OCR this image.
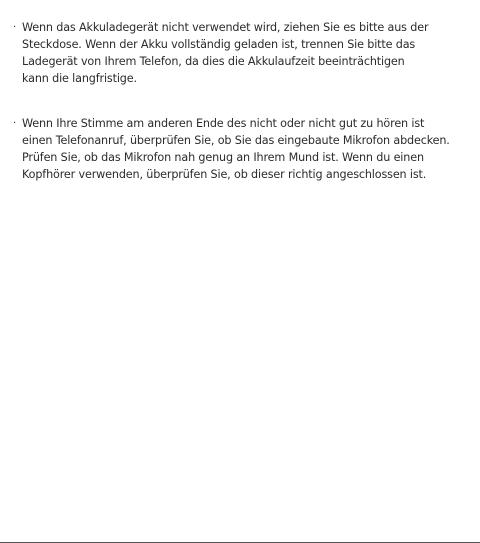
· Wenn das Akkuladegerät nicht verwendet wird, ziehen Sie es bitte aus der
Steckdose. Wenn der Akku vollständig geladen ist, trennen Sie bitte das
Ladegerät von Ihrem Telefon, da dies die Akkulaufzeit beeinträchtigen
kann die langfristige.
· Wenn Ihre Stimme am anderen Ende des nicht oder nicht gut zu hören ist
einen Telefonanruf, überprüfen Sie, ob Sie das eingebaute Mikrofon abdecken.
Prüfen Sie, ob das Mikrofon nah genug an Ihrem Mund ist. Wenn du einen
Kopfhörer verwenden, überprüfen Sie, ob dieser richtig angeschlossen ist.
